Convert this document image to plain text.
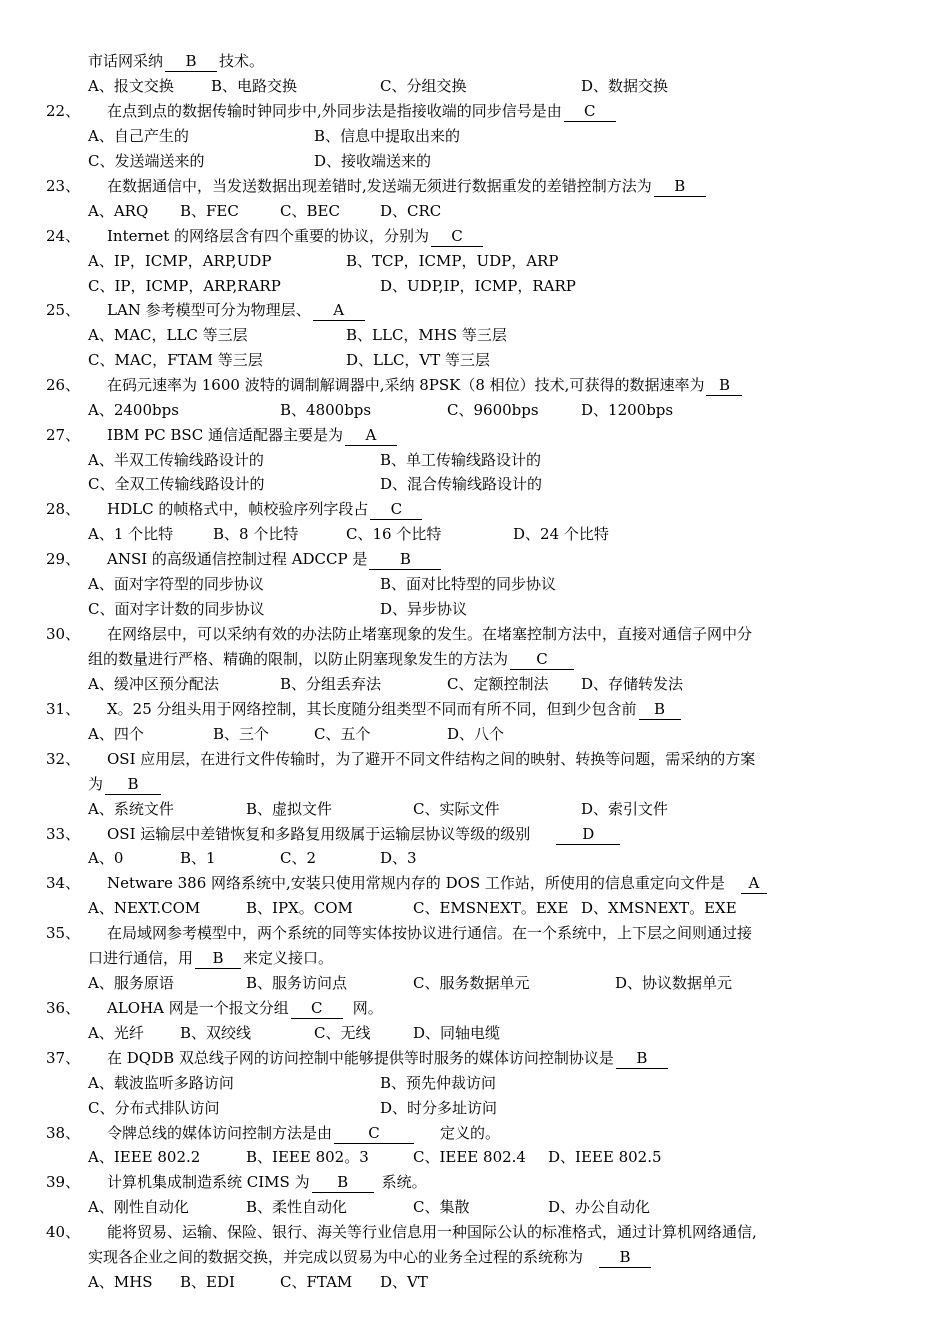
市话网采纳 B 技术。
A、报文交换 B、电路交换	C、分组交换	D、数据交换
22、 在点到点的数据传输时钟同步中,外同步法是指接收端的同步信号是由 C
A、自己产生的	B、信息中提取出来的
C、发送端送来的	D、接收端送来的
23、 在数据通信中，当发送数据出现差错时,发送端无须进行数据重发的差错控制方法为 B
A、ARQ B、FEC	C、BEC	D、CRC
24、 Internet 的网络层含有四个重要的协议，分别为 C
A、IP，ICMP，ARP,UDP	B、TCP，ICMP，UDP，ARP
C、IP，ICMP，ARP,RARP	D、UDP,IP，ICMP，RARP
25、 LAN 参考模型可分为物理层、 A
A、MAC，LLC 等三层	B、LLC，MHS 等三层
C、MAC，FTAM 等三层	D、LLC，VT 等三层
26、 在码元速率为 1600 波特的调制解调器中,采纳 8PSK（8 相位）技术,可获得的数据速率为 B
A、2400bps	B、4800bps	C、9600bps	D、1200bps
27、 IBM PC BSC 通信适配器主要是为 A
A、半双工传输线路设计的	B、单工传输线路设计的
C、全双工传输线路设计的	D、混合传输线路设计的
28、 HDLC 的帧格式中，帧校验序列字段占 C
A、1 个比特	B、8 个比特	C、16 个比特	D、24 个比特
29、 ANSI 的高级通信控制过程 ADCCP 是 B
A、面对字符型的同步协议	B、面对比特型的同步协议
C、面对字计数的同步协议	D、异步协议
30、 在网络层中，可以采纳有效的办法防止堵塞现象的发生。在堵塞控制方法中，直接对通信子网中分
组的数量进行严格、精确的限制，以防止阴塞现象发生的方法为 C
A、缓冲区预分配法	B、分组丢弃法	C、定额控制法 D、存储转发法
31、 X。25 分组头用于网络控制，其长度随分组类型不同而有所不同，但到少包含前 B
A、四个	B、三个	C、五个	D、八个
32、 OSI 应用层，在进行文件传输时，为了避开不同文件结构之间的映射、转换等问题，需采纳的方案
为 B
A、系统文件	B、虚拟文件	C、实际文件	D、索引文件
33、 OSI 运输层中差错恢复和多路复用级属于运输层协议等级的级别	D
A、0	B、1	C、2	D、3
34、 Netware 386 网络系统中,安装只使用常规内存的 DOS 工作站，所使用的信息重定向文件是 A
A、NEXT.COM	B、IPX。COM	C、EMSNEXT。EXE D、XMSNEXT。EXE
35、 在局域网参考模型中，两个系统的同等实体按协议进行通信。在一个系统中，上下层之间则通过接
口进行通信，用 B 来定义接口。
A、服务原语	B、服务访问点	C、服务数据单元	D、协议数据单元
36、 ALOHA 网是一个报文分组 C 网。
A、光纤 B、双绞线	C、无线	D、同轴电缆
37、 在 DQDB 双总线子网的访问控制中能够提供等时服务的媒体访问控制协议是 B
A、载波监听多路访问	B、预先仲裁访问
C、分布式排队访问	D、时分多址访问
38、 令牌总线的媒体访问控制方法是由 C	定义的。
A、IEEE 802.2	B、IEEE 802。3	C、IEEE 802.4 D、IEEE 802.5
39、 计算机集成制造系统 CIMS 为 B 系统。
A、刚性自动化	B、柔性自动化	C、集散	D、办公自动化
40、 能将贸易、运输、保险、银行、海关等行业信息用一种国际公认的标准格式，通过计算机网络通信,
实现各企业之间的数据交换，并完成以贸易为中心的业务全过程的系统称为 B
A、MHS B、EDI	C、FTAM D、VT
